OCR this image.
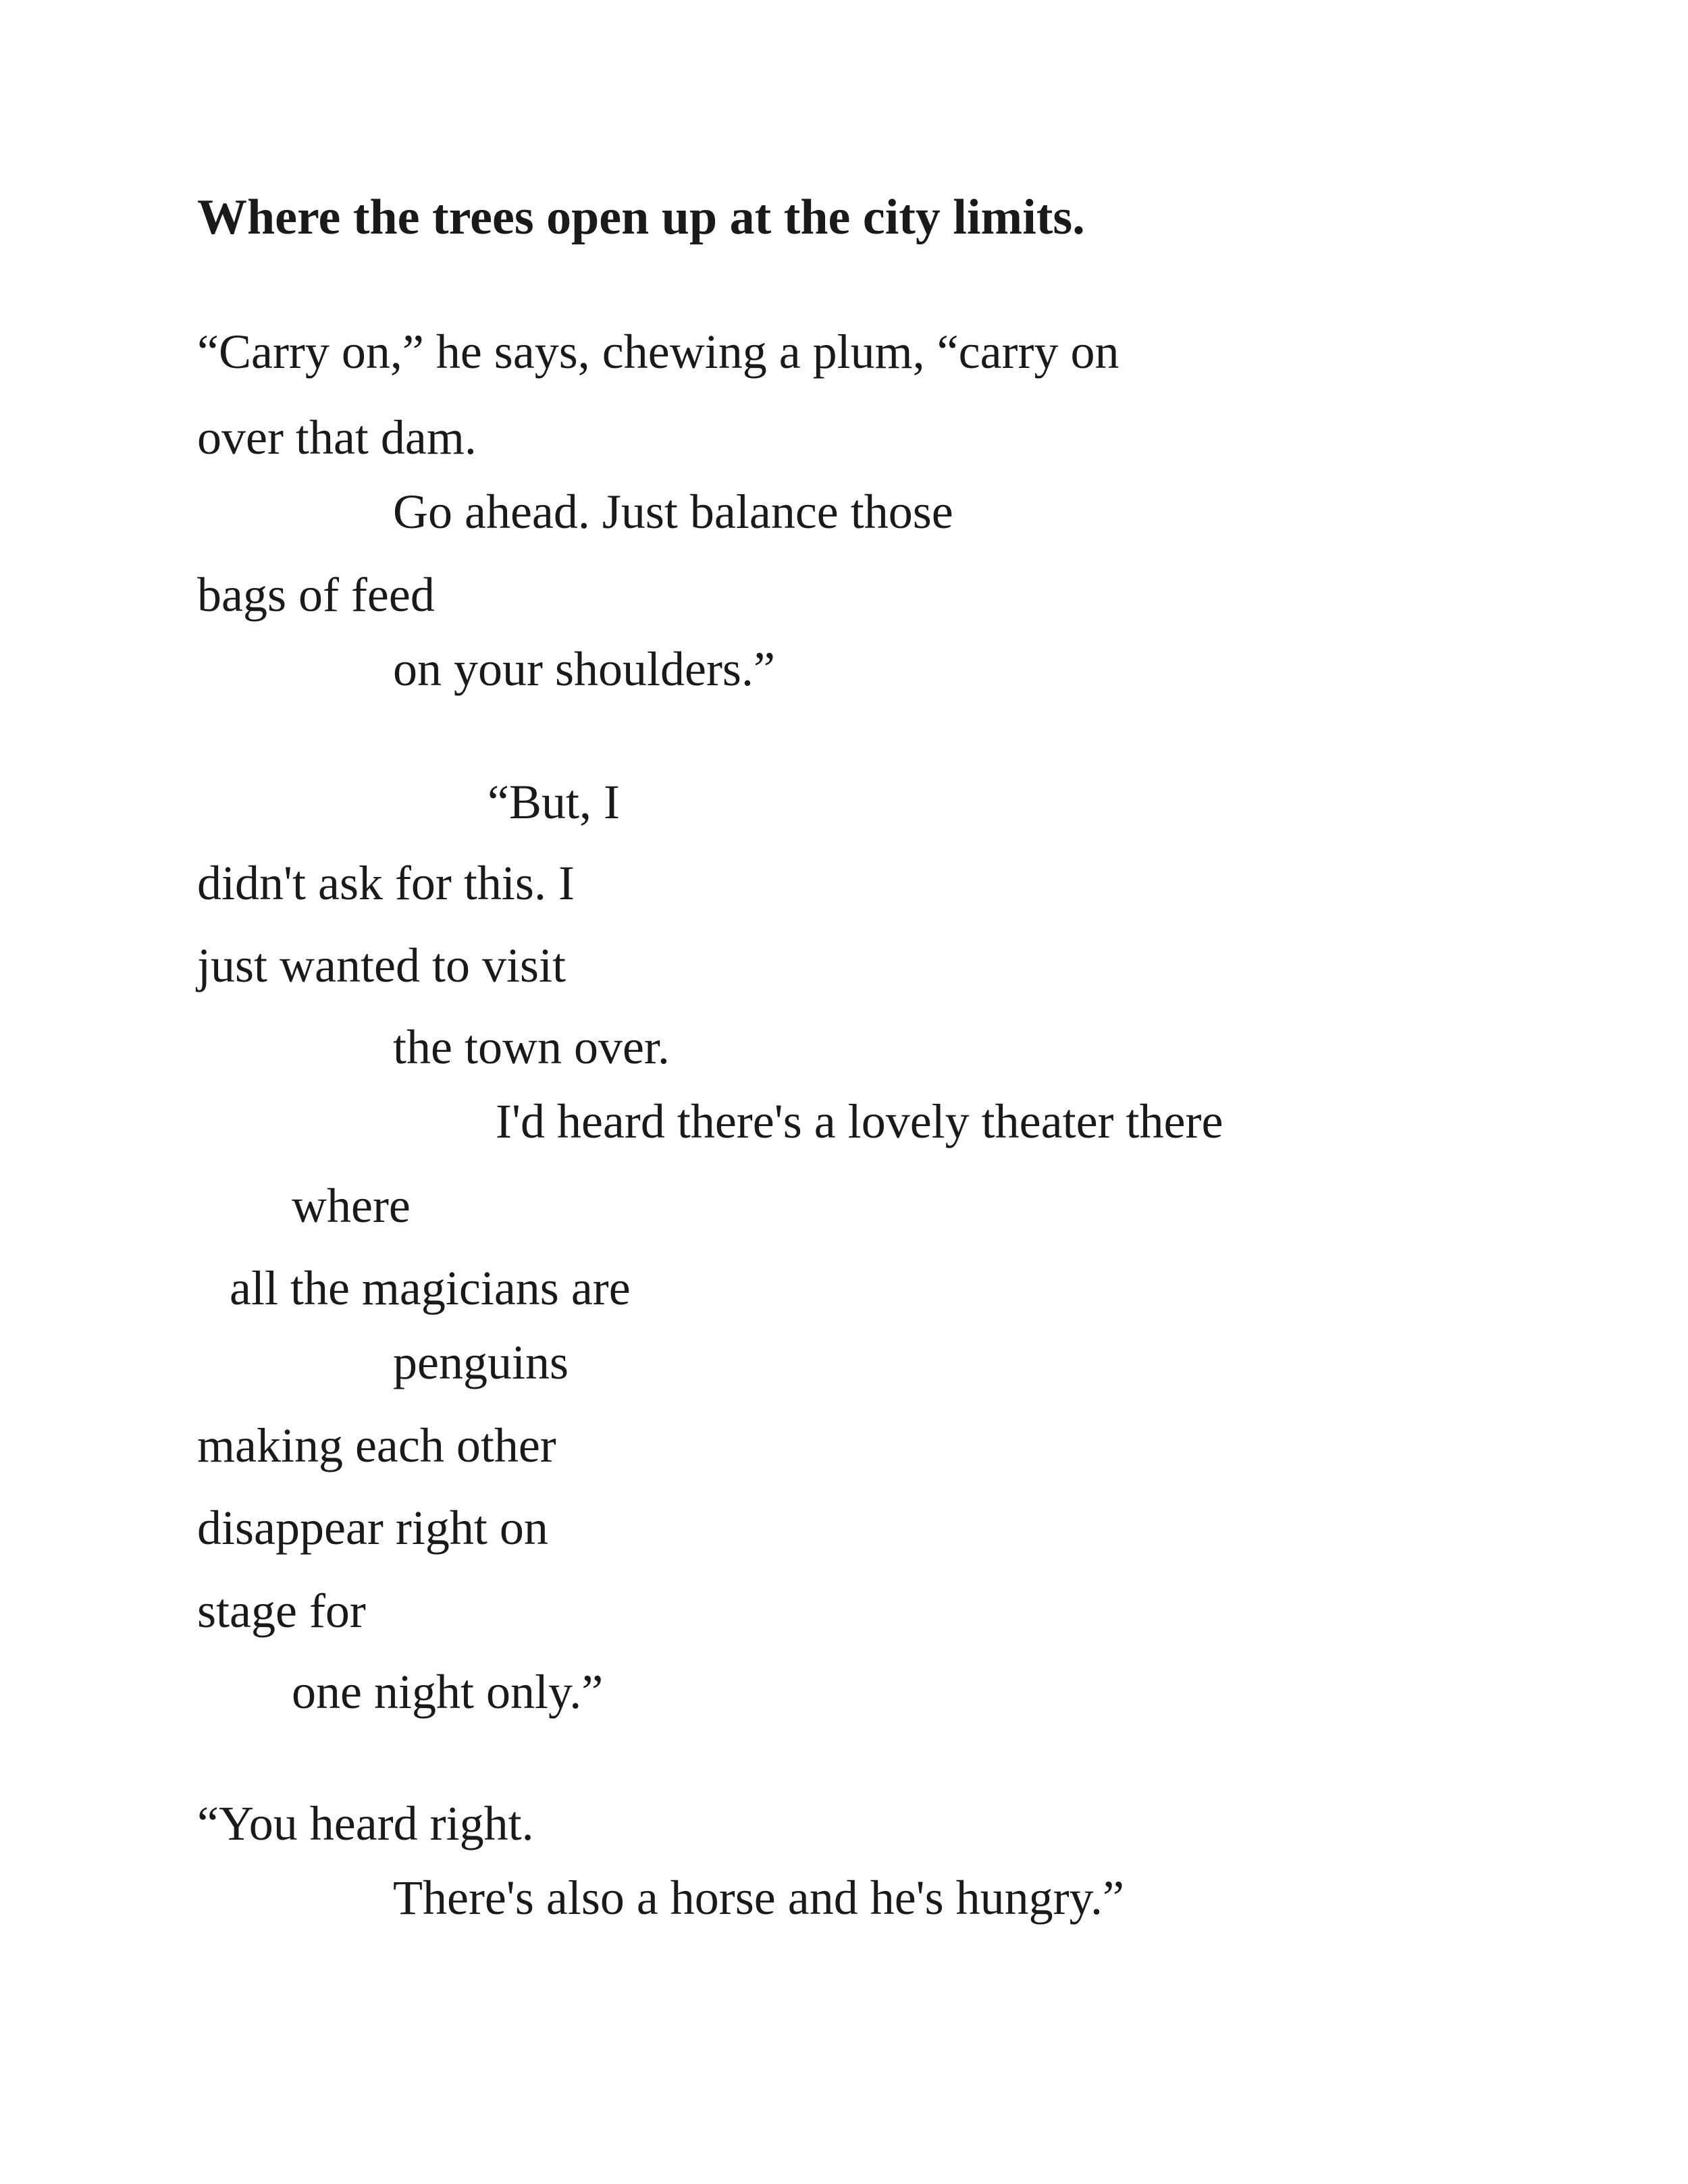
Where the trees open up at the city limits.

“Carry on,” he says, chewing a plum, “carry on

over that dam.

Go ahead. Just balance those

bags of feed

on your shoulders.”

“But, I

didn't ask for this. I

just wanted to visit

the town over.

I'd heard there's a lovely theater there

where

all the magicians are

penguins

making each other

disappear right on

stage for

one night only.”

“You heard right.

There's also a horse and he's hungry.”
